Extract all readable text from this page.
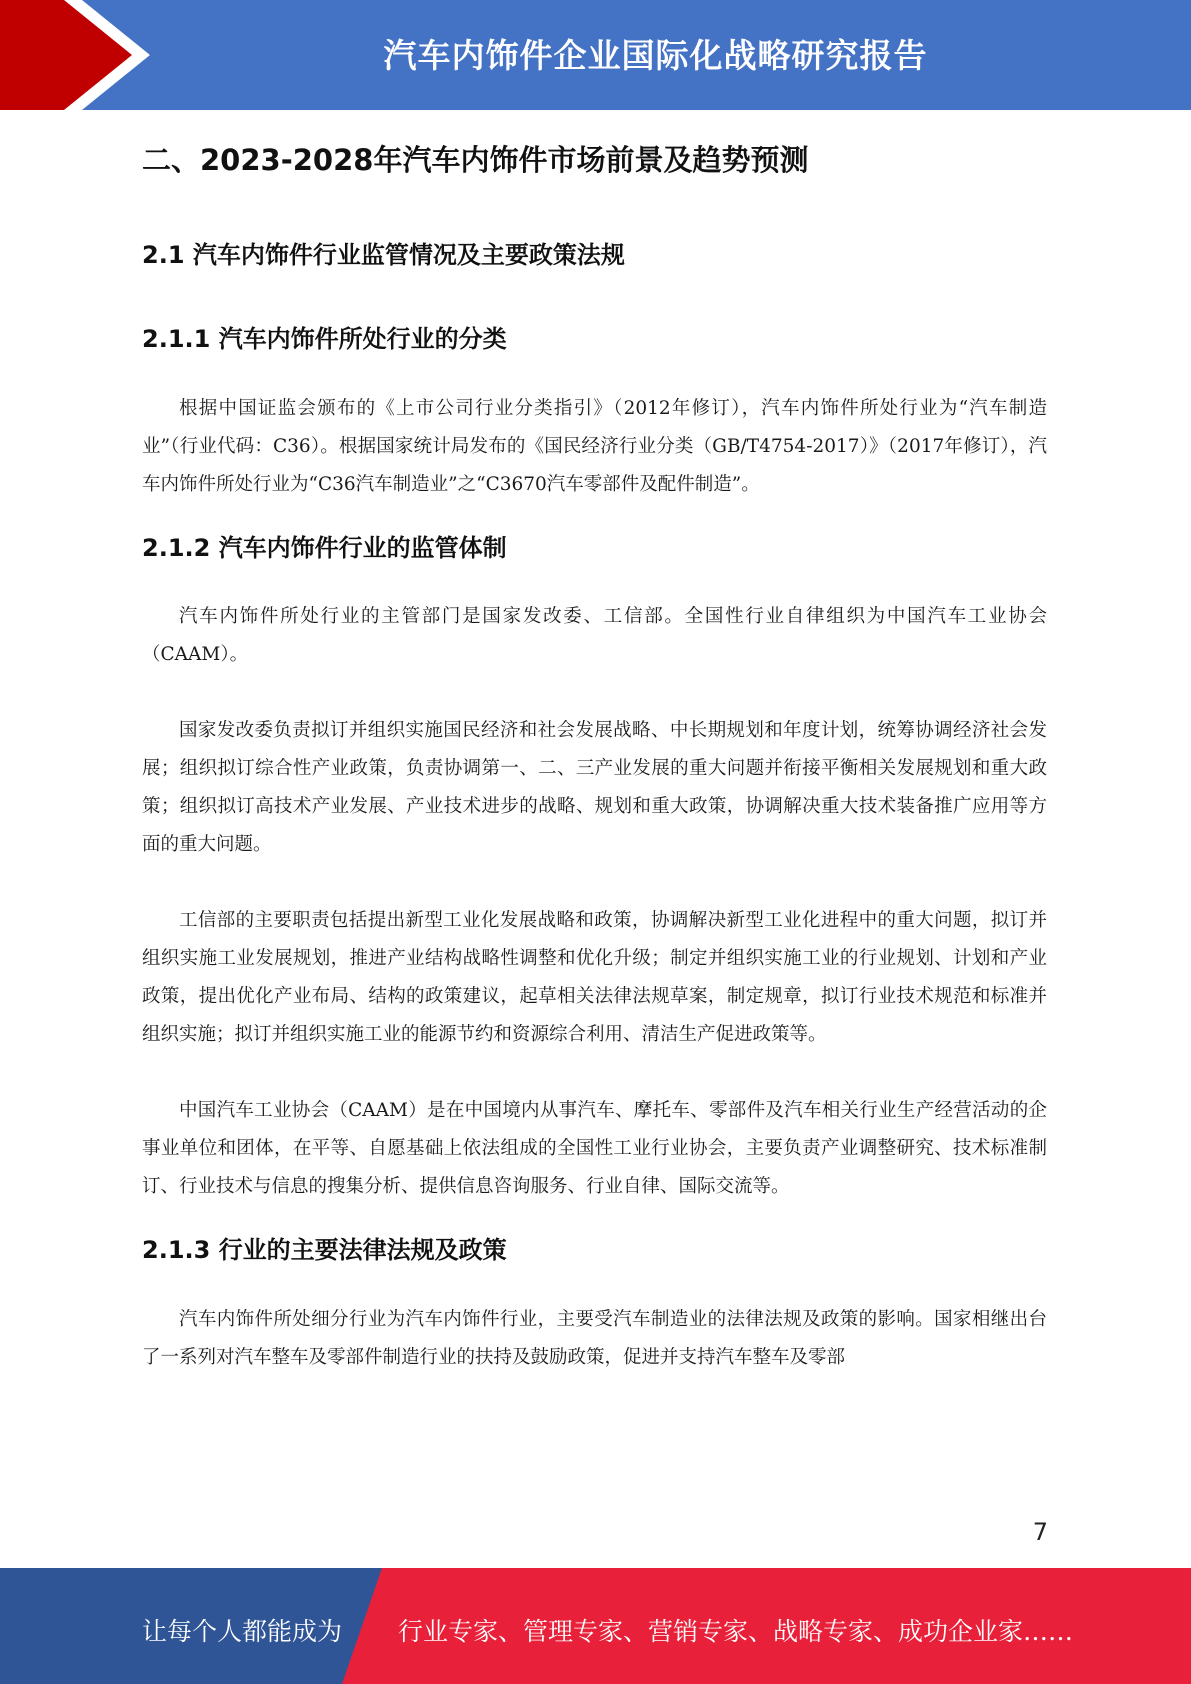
汽车内饰件企业国际化战略研究报告
二、2023-2028年汽车内饰件市场前景及趋势预测
2.1 汽车内饰件行业监管情况及主要政策法规
2.1.1 汽车内饰件所处行业的分类

根据中国证监会颁布的《上市公司行业分类指引》（2012年修订），汽车内饰件所处行业为“汽车制造业”（行业代码：C36）。根据国家统计局发布的《国民经济行业分类（GB/T4754-2017）》（2017年修订），汽车内饰件所处行业为“C36汽车制造业”之“C3670汽车零部件及配件制造”。

2.1.2 汽车内饰件行业的监管体制

汽车内饰件所处行业的主管部门是国家发改委、工信部。全国性行业自律组织为中国汽车工业协会（CAAM）。

国家发改委负责拟订并组织实施国民经济和社会发展战略、中长期规划和年度计划，统筹协调经济社会发展；组织拟订综合性产业政策，负责协调第一、二、三产业发展的重大问题并衔接平衡相关发展规划和重大政策；组织拟订高技术产业发展、产业技术进步的战略、规划和重大政策，协调解决重大技术装备推广应用等方面的重大问题。

工信部的主要职责包括提出新型工业化发展战略和政策，协调解决新型工业化进程中的重大问题，拟订并组织实施工业发展规划，推进产业结构战略性调整和优化升级；制定并组织实施工业的行业规划、计划和产业政策，提出优化产业布局、结构的政策建议，起草相关法律法规草案，制定规章，拟订行业技术规范和标准并组织实施；拟订并组织实施工业的能源节约和资源综合利用、清洁生产促进政策等。

中国汽车工业协会（CAAM）是在中国境内从事汽车、摩托车、零部件及汽车相关行业生产经营活动的企事业单位和团体，在平等、自愿基础上依法组成的全国性工业行业协会，主要负责产业调整研究、技术标准制订、行业技术与信息的搜集分析、提供信息咨询服务、行业自律、国际交流等。

2.1.3 行业的主要法律法规及政策

汽车内饰件所处细分行业为汽车内饰件行业，主要受汽车制造业的法律法规及政策的影响。国家相继出台了一系列对汽车整车及零部件制造行业的扶持及鼓励政策，促进并支持汽车整车及零部

7
让每个人都能成为 行业专家、管理专家、营销专家、战略专家、成功企业家……
